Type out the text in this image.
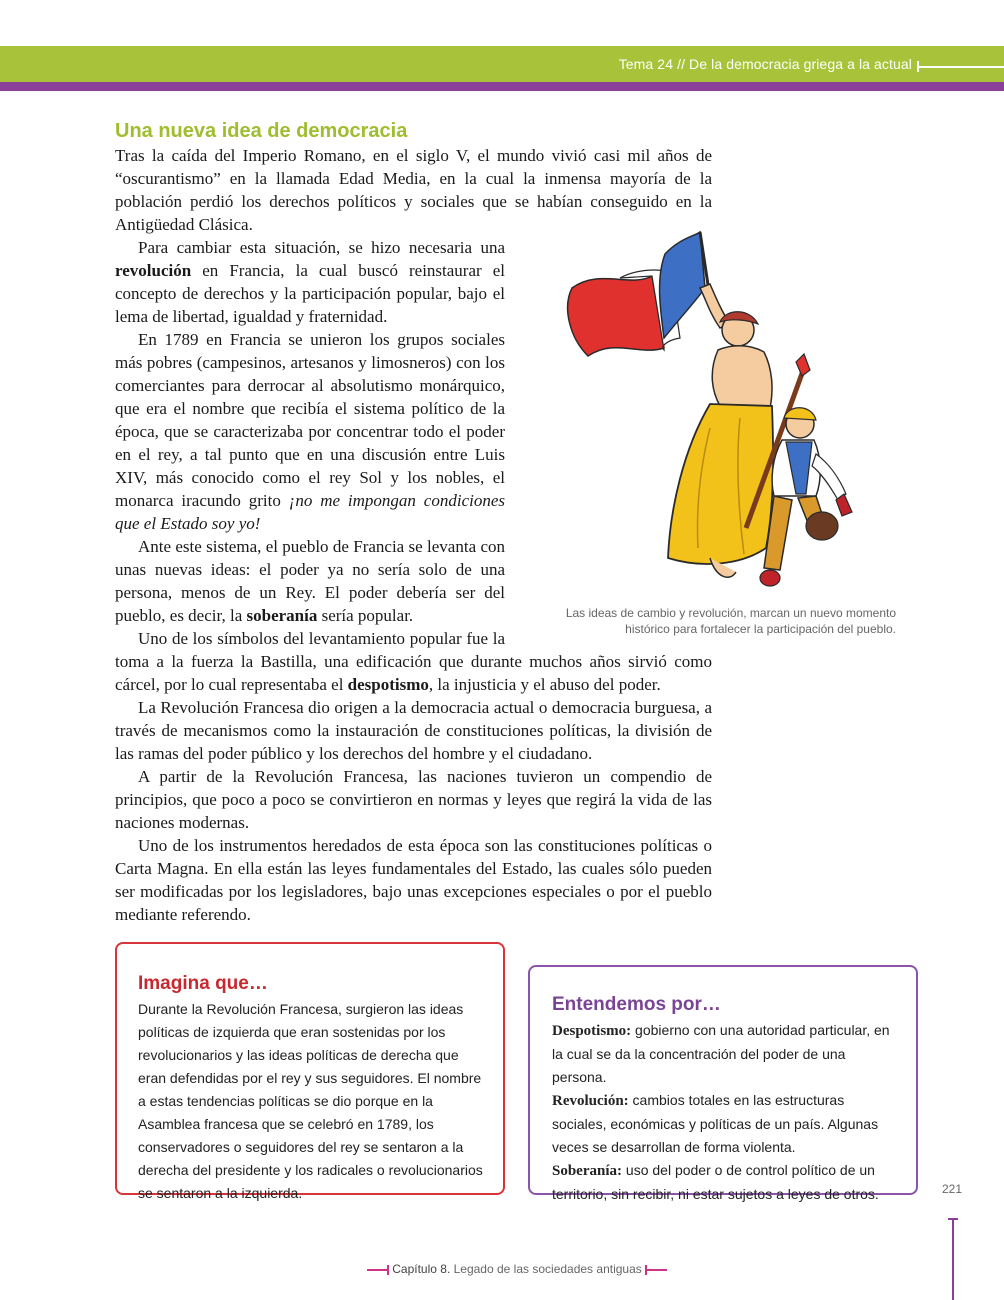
Tema 24 // De la democracia griega a la actual
Una nueva idea de democracia

Tras la caída del Imperio Romano, en el siglo V, el mundo vivió casi mil años de “oscurantismo” en la llamada Edad Media, en la cual la inmensa mayoría de la población perdió los derechos políticos y sociales que se habían conseguido en la Antigüedad Clásica.

Para cambiar esta situación, se hizo necesaria una revolución en Francia, la cual buscó reinstaurar el concepto de derechos y la participación popular, bajo el lema de libertad, igualdad y fraternidad.

En 1789 en Francia se unieron los grupos sociales más pobres (campesinos, artesanos y limosneros) con los comerciantes para derrocar al absolutismo monárquico, que era el nombre que recibía el sistema político de la época, que se caracterizaba por concentrar todo el poder en el rey, a tal punto que en una discusión entre Luis XIV, más conocido como el rey Sol y los nobles, el monarca iracundo grito ¡no me impongan condiciones que el Estado soy yo!

Ante este sistema, el pueblo de Francia se levanta con unas nuevas ideas: el poder ya no sería solo de una persona, menos de un Rey. El poder debería ser del pueblo, es decir, la soberanía sería popular.

Uno de los símbolos del levantamiento popular fue la toma a la fuerza la Bastilla, una edificación que durante muchos años sirvió como cárcel, por lo cual representaba el despotismo, la injusticia y el abuso del poder.

La Revolución Francesa dio origen a la democracia actual o democracia burguesa, a través de mecanismos como la instauración de constituciones políticas, la división de las ramas del poder público y los derechos del hombre y el ciudadano.

A partir de la Revolución Francesa, las naciones tuvieron un compendio de principios, que poco a poco se convirtieron en normas y leyes que regirá la vida de las naciones modernas.

Uno de los instrumentos heredados de esta época son las constituciones políticas o Carta Magna. En ella están las leyes fundamentales del Estado, las cuales sólo pueden ser modificadas por los legisladores, bajo unas excepciones especiales o por el pueblo mediante referendo.

Las ideas de cambio y revolución, marcan un nuevo momento
histórico para fortalecer la participación del pueblo.
Imagina que…

Durante la Revolución Francesa, surgieron las ideas políticas de izquierda que eran sostenidas por los revolucionarios y las ideas políticas de derecha que eran defendidas por el rey y sus seguidores. El nombre a estas tendencias políticas se dio porque en la Asamblea francesa que se celebró en 1789, los conservadores o seguidores del rey se sentaron a la derecha del presidente y los radicales o revolucionarios se sentaron a la izquierda.

Entendemos por…

Despotismo: gobierno con una autoridad particular, en la cual se da la concentración del poder de una persona.

Revolución: cambios totales en las estructuras sociales, económicas y políticas de un país. Algunas veces se desarrollan de forma violenta.

Soberanía: uso del poder o de control político de un territorio, sin recibir, ni estar sujetos a leyes de otros.	221
Capítulo 8. Legado de las sociedades antiguas
